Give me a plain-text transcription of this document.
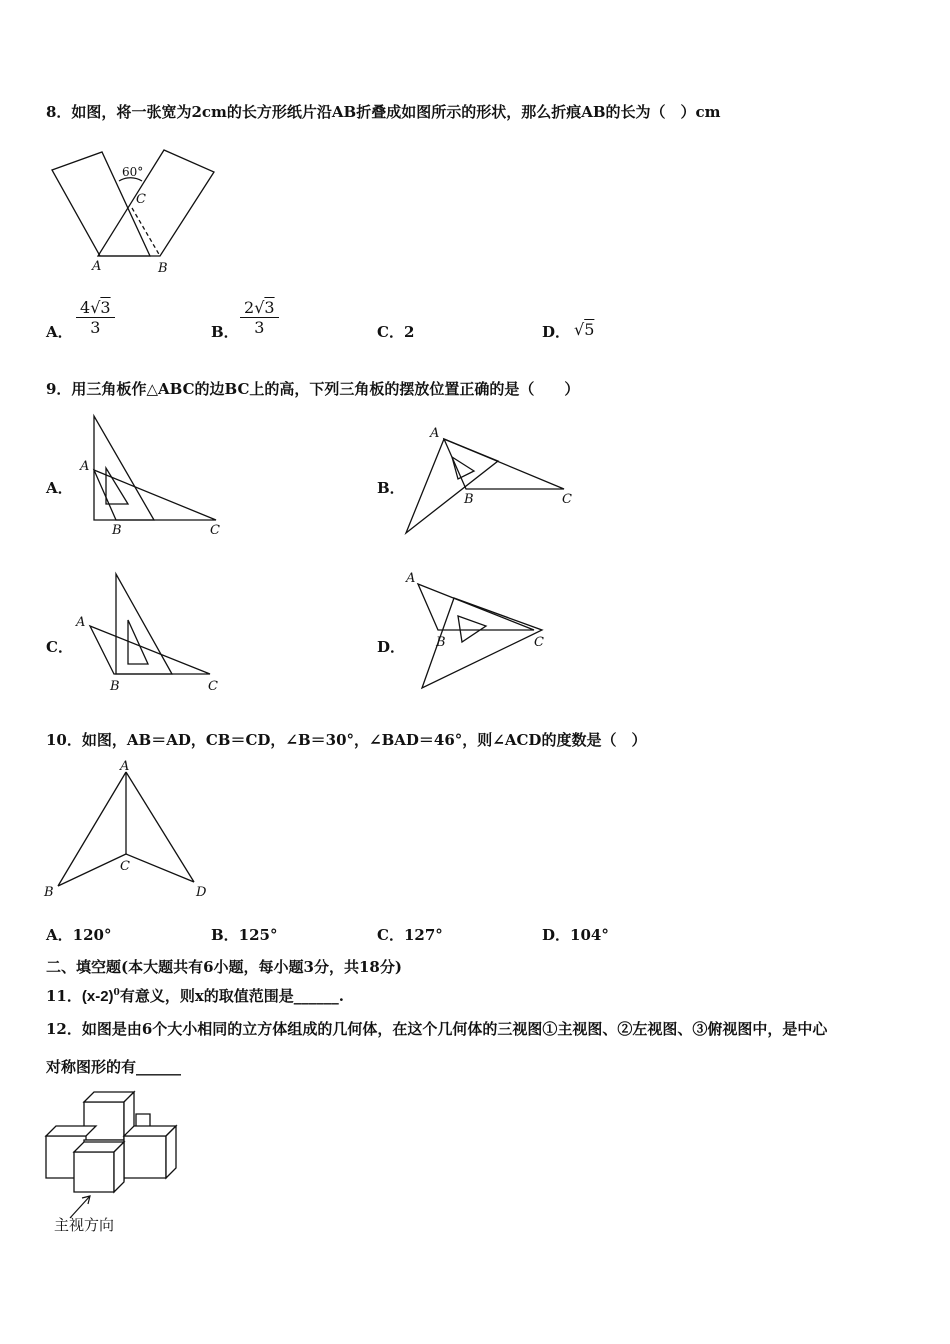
8．如图，将一张宽为2cm的长方形纸片沿AB折叠成如图所示的形状，那么折痕AB的长为（　）cm
60°
C
A	B
A． $\frac{4√3}{3}$	B． $\frac{2√3}{3}$	C．2	D． √5
9．用三角板作△ABC的边BC上的高，下列三角板的摆放位置正确的是（　　）
A．
A
B	C
B．
A
B	C
C．
A
B	C
D．
A
B	C
10．如图，AB＝AD，CB＝CD，∠B＝30°，∠BAD＝46°，则∠ACD的度数是（　）
A
B
C
D
A．120°	B．125°	C．127°	D．104°
二、填空题(本大题共有6小题，每小题3分，共18分)
11．$(x-2)^0$有意义，则x的取值范围是______.
12．如图是由6个大小相同的立方体组成的几何体，在这个几何体的三视图①主视图、②左视图、③俯视图中，是中心
对称图形的有______
主视方向
